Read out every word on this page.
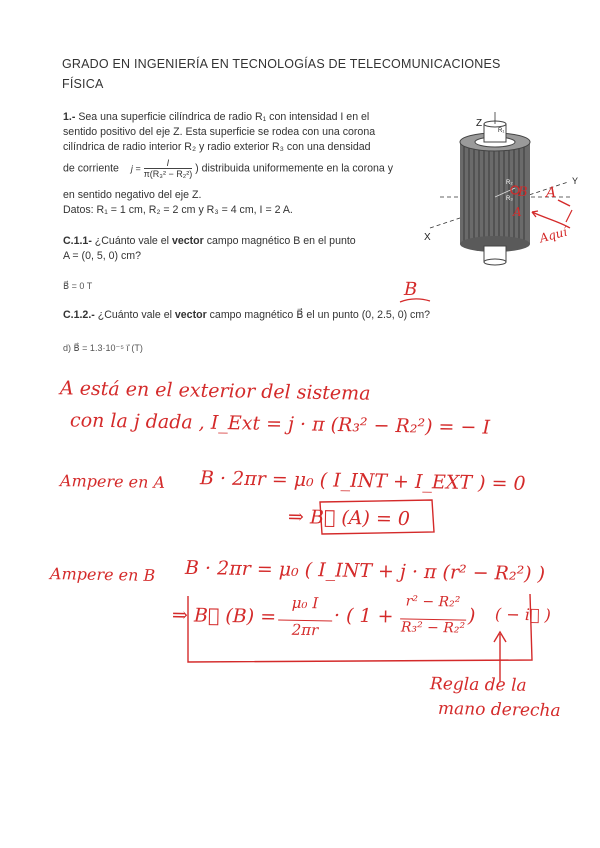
GRADO EN INGENIERÍA EN TECNOLOGÍAS DE TELECOMUNICACIONES
FÍSICA
1.- Sea una superficie cilíndrica de radio R₁ con intensidad I en el
sentido positivo del eje Z. Esta superficie se rodea con una corona
cilíndrica de radio interior R₂ y radio exterior R₃ con una densidad
de corriente $j = \frac{I}{\text{π(R₃² − R₂²)}}$ ) distribuida uniformemente en la corona y
en sentido negativo del eje Z.
Datos: R₁ = 1 cm, R₂ = 2 cm y R₃ = 4 cm, I = 2 A.
Z
X
Y
R₁
R₂
R₃ B
A
A
Aquí
C.1.1- ¿Cuánto vale el vector campo magnético B en el punto
A = (0, 5, 0) cm?
B⃗ = 0 T	B
C.1.2.- ¿Cuánto vale el vector campo magnético B⃗ el un punto (0, 2.5, 0) cm?
d) B⃗ = 1.3·10⁻⁵ i⃗ (T)
A está en el exterior del sistema
con la j dada , I_Ext = j · π (R₃² − R₂²) = − I
Ampere en A B · 2πr = μ₀ ( I_INT + I_EXT ) = 0
⇒ B⃗ (A) = 0
Ampere en B B · 2πr = μ₀ ( I_INT + j · π (r² − R₂²) )
⇒ B⃗ (B) =
μ₀ I
2πr
· ( 1 +
r² − R₂²
R₃² − R₂²
) ( − i⃗ )
Regla de la
mano derecha
